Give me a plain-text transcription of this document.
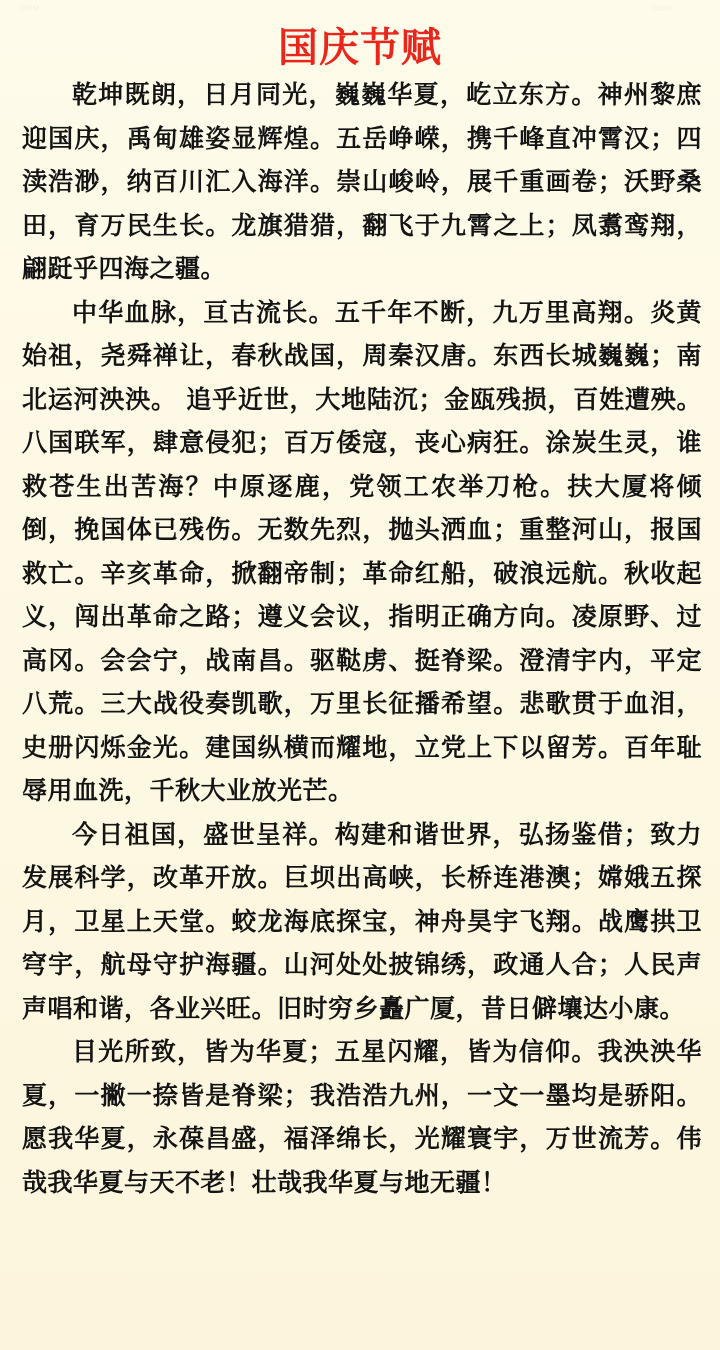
...	...
国庆节赋

乾坤既朗，日月同光，巍巍华夏，屹立东方。神州黎庶迎国庆，禹甸雄姿显辉煌。五岳峥嵘，携千峰直冲霄汉；四渎浩渺，纳百川汇入海洋。崇山峻岭，展千重画卷；沃野桑田，育万民生长。龙旗猎猎，翻飞于九霄之上；凤翥鸾翔，翩跹乎四海之疆。

中华血脉，亘古流长。五千年不断，九万里高翔。炎黄始祖，尧舜禅让，春秋战国，周秦汉唐。东西长城巍巍；南北运河泱泱。 追乎近世，大地陆沉；金瓯残损，百姓遭殃。八国联军，肆意侵犯；百万倭寇，丧心病狂。涂炭生灵，谁救苍生出苦海？中原逐鹿，党领工农举刀枪。扶大厦将倾倒，挽国体已残伤。无数先烈，抛头洒血；重整河山，报国救亡。辛亥革命，掀翻帝制；革命红船，破浪远航。秋收起义，闯出革命之路；遵义会议，指明正确方向。凌原野、过高冈。会会宁，战南昌。驱鞑虏、挺脊梁。澄清宇内，平定八荒。三大战役奏凯歌，万里长征播希望。悲歌贯于血泪，史册闪烁金光。建国纵横而耀地，立党上下以留芳。百年耻辱用血洗，千秋大业放光芒。

今日祖国，盛世呈祥。构建和谐世界，弘扬鉴借；致力发展科学，改革开放。巨坝出高峡，长桥连港澳；嫦娥五探月，卫星上天堂。蛟龙海底探宝，神舟昊宇飞翔。战鹰拱卫穹宇，航母守护海疆。山河处处披锦绣，政通人合；人民声声唱和谐，各业兴旺。旧时穷乡矗广厦，昔日僻壤达小康。

目光所致，皆为华夏；五星闪耀，皆为信仰。我泱泱华夏，一撇一捺皆是脊梁；我浩浩九州，一文一墨均是骄阳。愿我华夏，永葆昌盛，福泽绵长，光耀寰宇，万世流芳。伟哉我华夏与天不老！壮哉我华夏与地无疆！
